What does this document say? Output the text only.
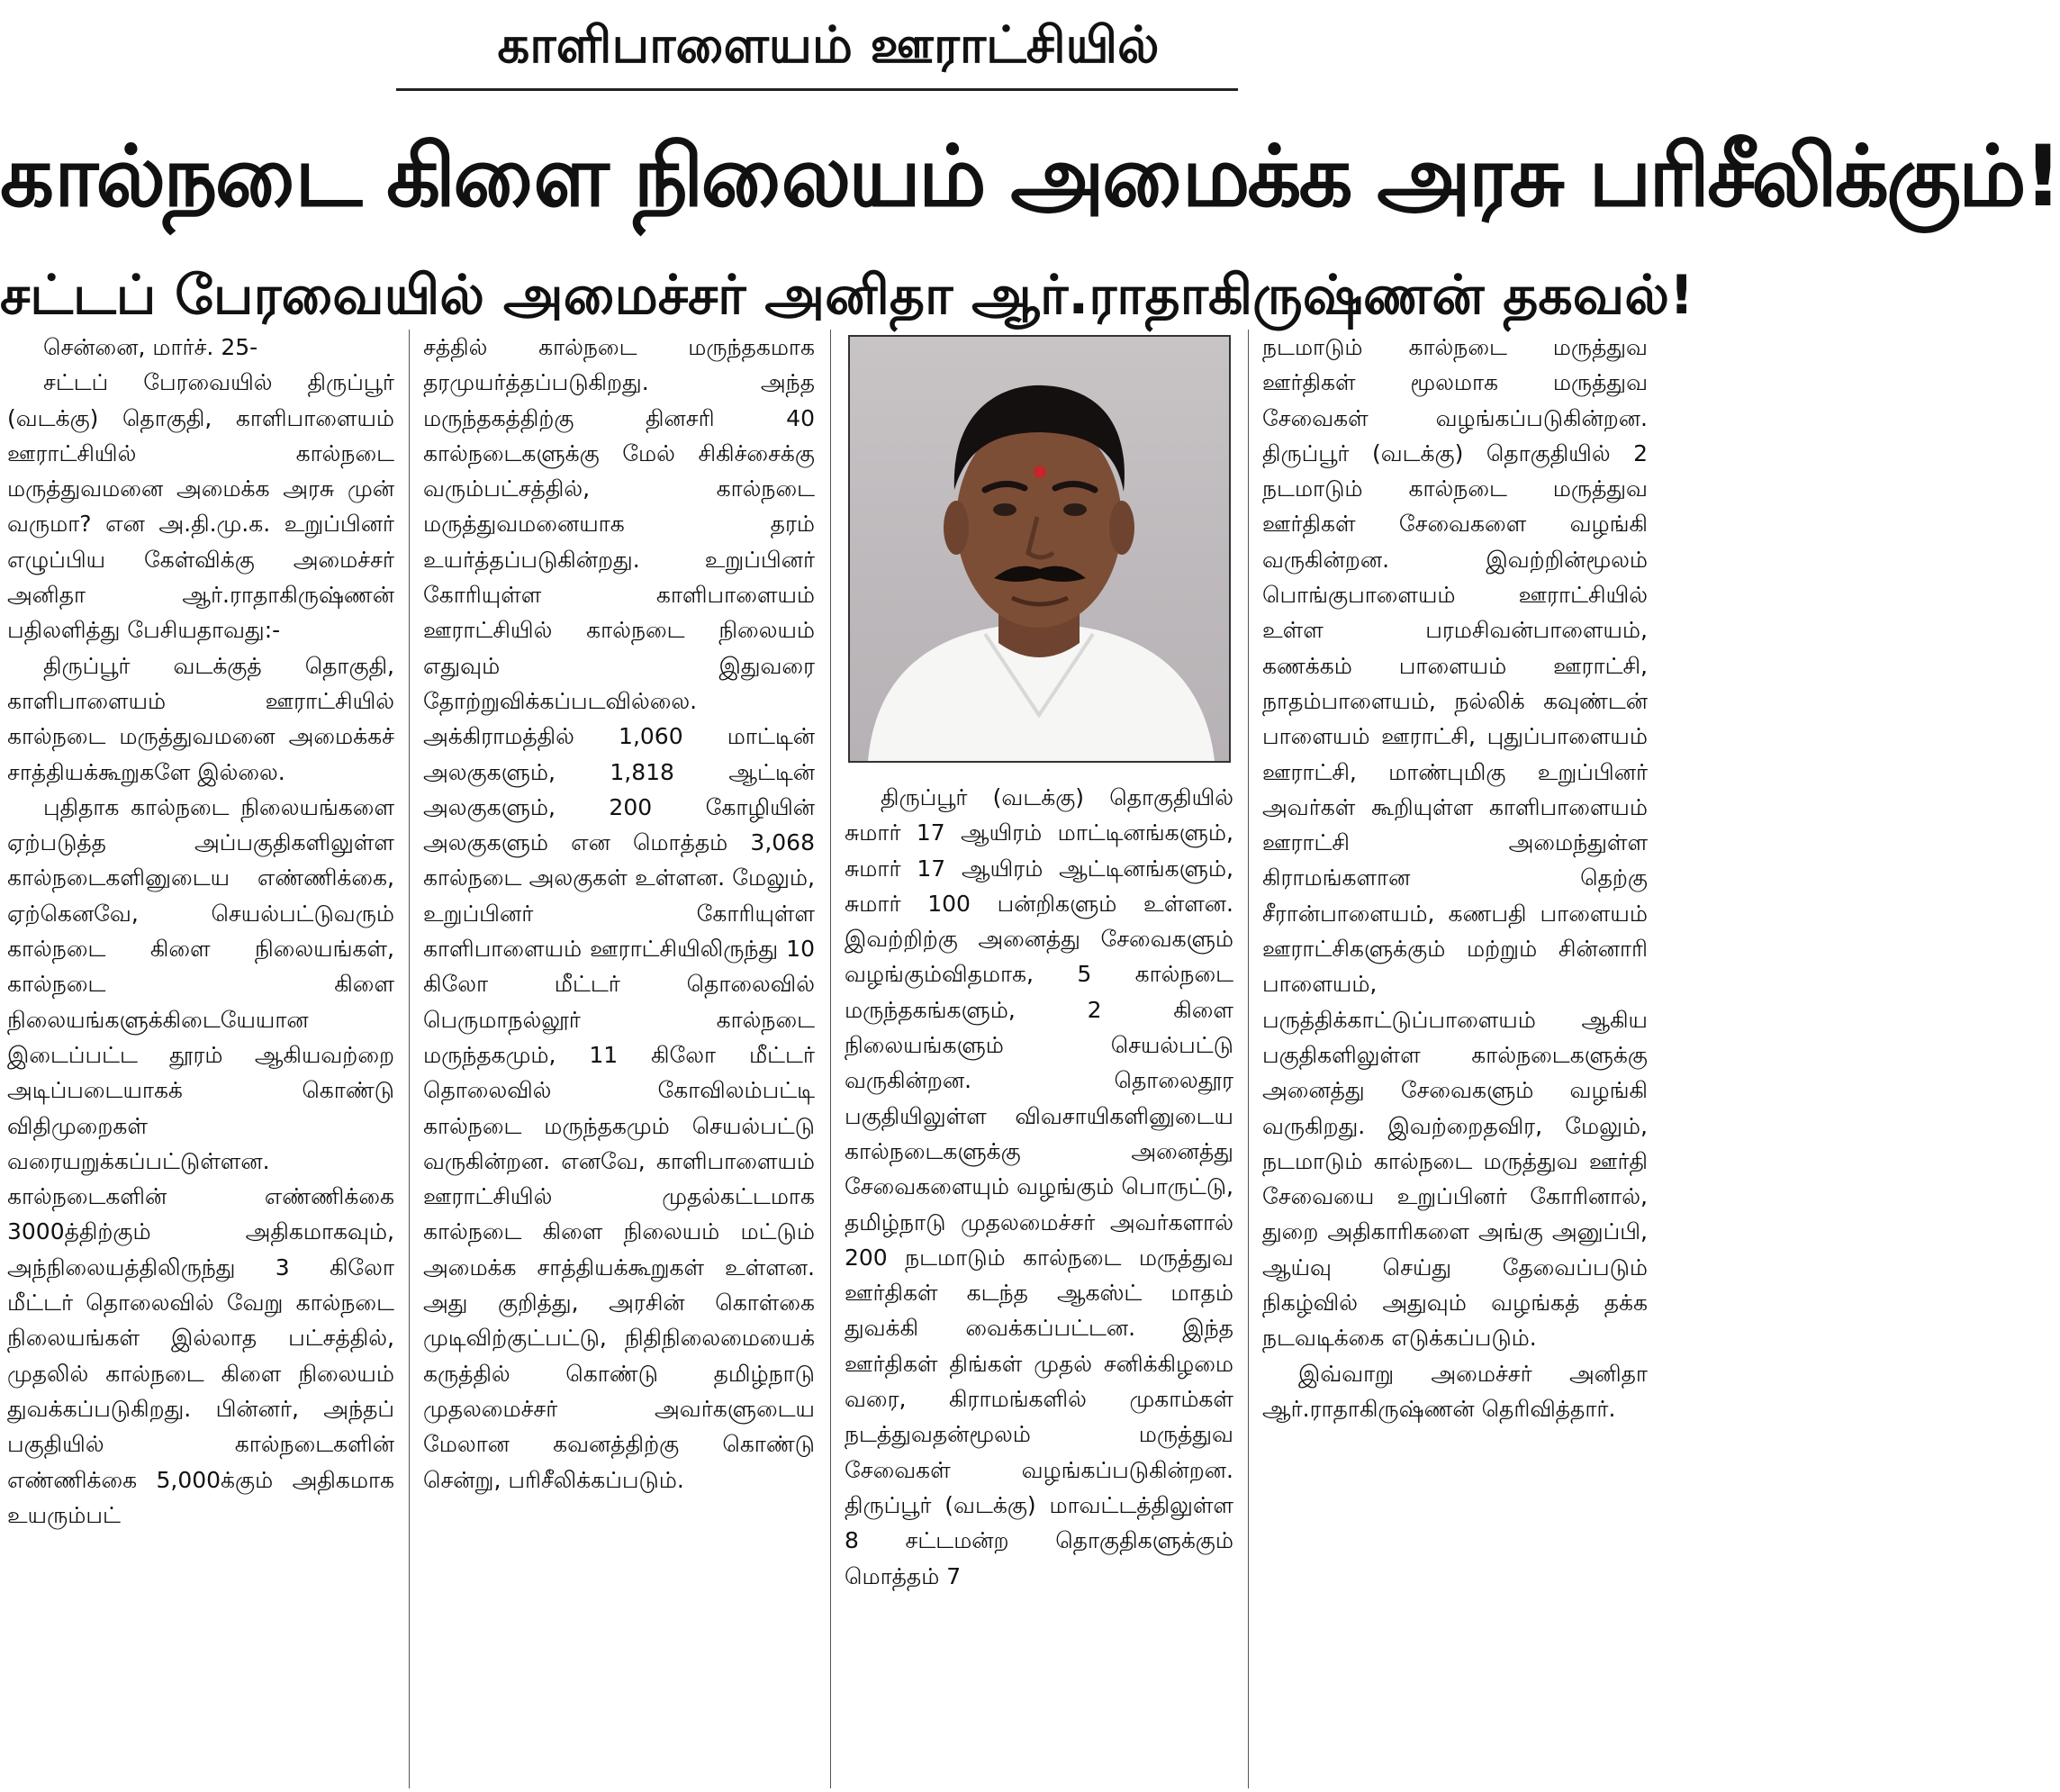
காளிபாளையம் ஊராட்சியில்
கால்நடை கிளை நிலையம் அமைக்க அரசு பரிசீலிக்கும்!
சட்டப் பேரவையில் அமைச்சர் அனிதா ஆர்.ராதாகிருஷ்ணன் தகவல்!

சென்னை, மார்ச். 25-

சட்டப் பேரவையில் திருப்பூர் (வடக்கு) தொகுதி, காளிபாளையம் ஊராட்சியில் கால்நடை மருத்துவமனை அமைக்க அரசு முன் வருமா? என அ.தி.மு.க. உறுப்பினர் எழுப்பிய கேள்விக்கு அமைச்சர் அனிதா ஆர்.ராதாகிருஷ்ணன் பதிலளித்து பேசியதாவது:-

திருப்பூர் வடக்குத் தொகுதி, காளிபாளையம் ஊராட்சியில் கால்நடை மருத்துவமனை அமைக்கச் சாத்தியக்கூறுகளே இல்லை.

புதிதாக கால்நடை நிலையங்களை ஏற்படுத்த அப்பகுதிகளிலுள்ள கால்நடைகளினுடைய எண்ணிக்கை, ஏற்கெனவே, செயல்பட்டுவரும் கால்நடை கிளை நிலையங்கள், கால்நடை கிளை நிலையங்களுக்கிடையேயான இடைப்பட்ட தூரம் ஆகியவற்றை அடிப்படையாகக் கொண்டு விதிமுறைகள் வரையறுக்கப்பட்டுள்ளன. கால்நடைகளின் எண்ணிக்கை 3000த்திற்கும் அதிகமாகவும், அந்நிலையத்திலிருந்து 3 கிலோ மீட்டர் தொலைவில் வேறு கால்நடை நிலையங்கள் இல்லாத பட்சத்தில், முதலில் கால்நடை கிளை நிலையம் துவக்கப்படுகிறது. பின்னர், அந்தப் பகுதியில் கால்நடைகளின் எண்ணிக்கை 5,000க்கும் அதிகமாக உயரும்பட்

சத்தில் கால்நடை மருந்தகமாக தரமுயர்த்தப்படுகிறது. அந்த மருந்தகத்திற்கு தினசரி 40 கால்நடைகளுக்கு மேல் சிகிச்சைக்கு வரும்பட்சத்தில், கால்நடை மருத்துவமனையாக தரம் உயர்த்தப்படுகின்றது. உறுப்பினர் கோரியுள்ள காளிபாளையம் ஊராட்சியில் கால்நடை நிலையம் எதுவும் இதுவரை தோற்றுவிக்கப்படவில்லை. அக்கிராமத்தில் 1,060 மாட்டின் அலகுகளும், 1,818 ஆட்டின் அலகுகளும், 200 கோழியின் அலகுகளும் என மொத்தம் 3,068 கால்நடை அலகுகள் உள்ளன. மேலும், உறுப்பினர் கோரியுள்ள காளிபாளையம் ஊராட்சியிலிருந்து 10 கிலோ மீட்டர் தொலைவில் பெருமாநல்லூர் கால்நடை மருந்தகமும், 11 கிலோ மீட்டர் தொலைவில் கோவிலம்பட்டி கால்நடை மருந்தகமும் செயல்பட்டு வருகின்றன. எனவே, காளிபாளையம் ஊராட்சியில் முதல்கட்டமாக கால்நடை கிளை நிலையம் மட்டும் அமைக்க சாத்தியக்கூறுகள் உள்ளன. அது குறித்து, அரசின் கொள்கை முடிவிற்குட்பட்டு, நிதிநிலைமையைக் கருத்தில் கொண்டு தமிழ்நாடு முதலமைச்சர் அவர்களுடைய மேலான கவனத்திற்கு கொண்டு சென்று, பரிசீலிக்கப்படும்.

திருப்பூர் (வடக்கு) தொகுதியில் சுமார் 17 ஆயிரம் மாட்டினங்களும், சுமார் 17 ஆயிரம் ஆட்டினங்களும், சுமார் 100 பன்றிகளும் உள்ளன. இவற்றிற்கு அனைத்து சேவைகளும் வழங்கும்விதமாக, 5 கால்நடை மருந்தகங்களும், 2 கிளை நிலையங்களும் செயல்பட்டு வருகின்றன. தொலைதூர பகுதியிலுள்ள விவசாயிகளினுடைய கால்நடைகளுக்கு அனைத்து சேவைகளையும் வழங்கும் பொருட்டு, தமிழ்நாடு முதலமைச்சர் அவர்களால் 200 நடமாடும் கால்நடை மருத்துவ ஊர்திகள் கடந்த ஆகஸ்ட் மாதம் துவக்கி வைக்கப்பட்டன. இந்த ஊர்திகள் திங்கள் முதல் சனிக்கிழமை வரை, கிராமங்களில் முகாம்கள் நடத்துவதன்மூலம் மருத்துவ சேவைகள் வழங்கப்படுகின்றன. திருப்பூர் (வடக்கு) மாவட்டத்திலுள்ள 8 சட்டமன்ற தொகுதிகளுக்கும் மொத்தம் 7

நடமாடும் கால்நடை மருத்துவ ஊர்திகள் மூலமாக மருத்துவ சேவைகள் வழங்கப்படுகின்றன. திருப்பூர் (வடக்கு) தொகுதியில் 2 நடமாடும் கால்நடை மருத்துவ ஊர்திகள் சேவைகளை வழங்கி வருகின்றன. இவற்றின்மூலம் பொங்குபாளையம் ஊராட்சியில் உள்ள பரமசிவன்பாளையம், கணக்கம் பாளையம் ஊராட்சி, நாதம்பாளையம், நல்லிக் கவுண்டன் பாளையம் ஊராட்சி, புதுப்பாளையம் ஊராட்சி, மாண்புமிகு உறுப்பினர் அவர்கள் கூறியுள்ள காளிபாளையம் ஊராட்சி அமைந்துள்ள கிராமங்களான தெற்கு சீரான்பாளையம், கணபதி பாளையம் ஊராட்சிகளுக்கும் மற்றும் சின்னாரி பாளையம், பருத்திக்காட்டுப்பாளையம் ஆகிய பகுதிகளிலுள்ள கால்நடைகளுக்கு அனைத்து சேவைகளும் வழங்கி வருகிறது. இவற்றைதவிர, மேலும், நடமாடும் கால்நடை மருத்துவ ஊர்தி சேவையை உறுப்பினர் கோரினால், துறை அதிகாரிகளை அங்கு அனுப்பி, ஆய்வு செய்து தேவைப்படும் நிகழ்வில் அதுவும் வழங்கத் தக்க நடவடிக்கை எடுக்கப்படும்.

இவ்வாறு அமைச்சர் அனிதா ஆர்.ராதாகிருஷ்ணன் தெரிவித்தார்.
